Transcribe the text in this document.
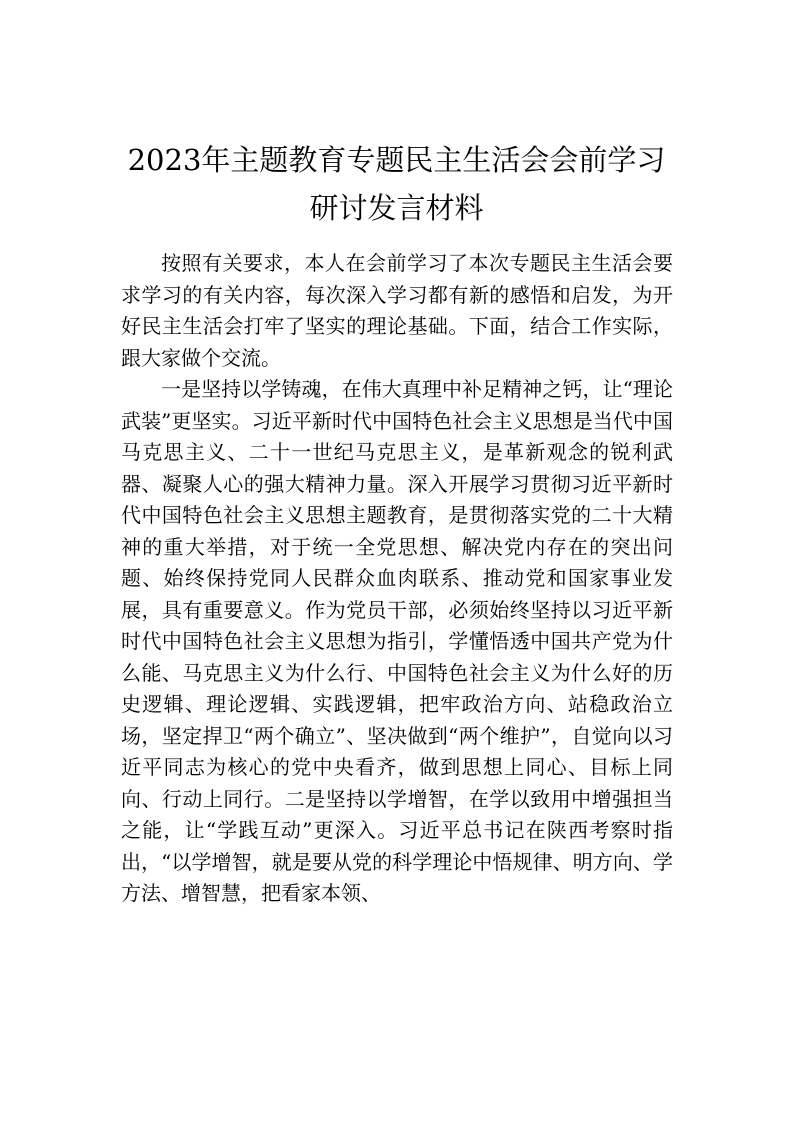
2023年主题教育专题民主生活会会前学习
研讨发言材料

按照有关要求，本人在会前学习了本次专题民主生活会要求学习的有关内容，每次深入学习都有新的感悟和启发，为开好民主生活会打牢了坚实的理论基础。下面，结合工作实际，跟大家做个交流。

一是坚持以学铸魂，在伟大真理中补足精神之钙，让“理论武装”更坚实。习近平新时代中国特色社会主义思想是当代中国马克思主义、二十一世纪马克思主义，是革新观念的锐利武器、凝聚人心的强大精神力量。深入开展学习贯彻习近平新时代中国特色社会主义思想主题教育，是贯彻落实党的二十大精神的重大举措，对于统一全党思想、解决党内存在的突出问题、始终保持党同人民群众血肉联系、推动党和国家事业发展，具有重要意义。作为党员干部，必须始终坚持以习近平新时代中国特色社会主义思想为指引，学懂悟透中国共产党为什么能、马克思主义为什么行、中国特色社会主义为什么好的历史逻辑、理论逻辑、实践逻辑，把牢政治方向、站稳政治立场，坚定捍卫“两个确立”、坚决做到“两个维护”，自觉向以习近平同志为核心的党中央看齐，做到思想上同心、目标上同向、行动上同行。二是坚持以学增智，在学以致用中增强担当之能，让“学践互动”更深入。习近平总书记在陕西考察时指出，“以学增智，就是要从党的科学理论中悟规律、明方向、学方法、增智慧，把看家本领、
